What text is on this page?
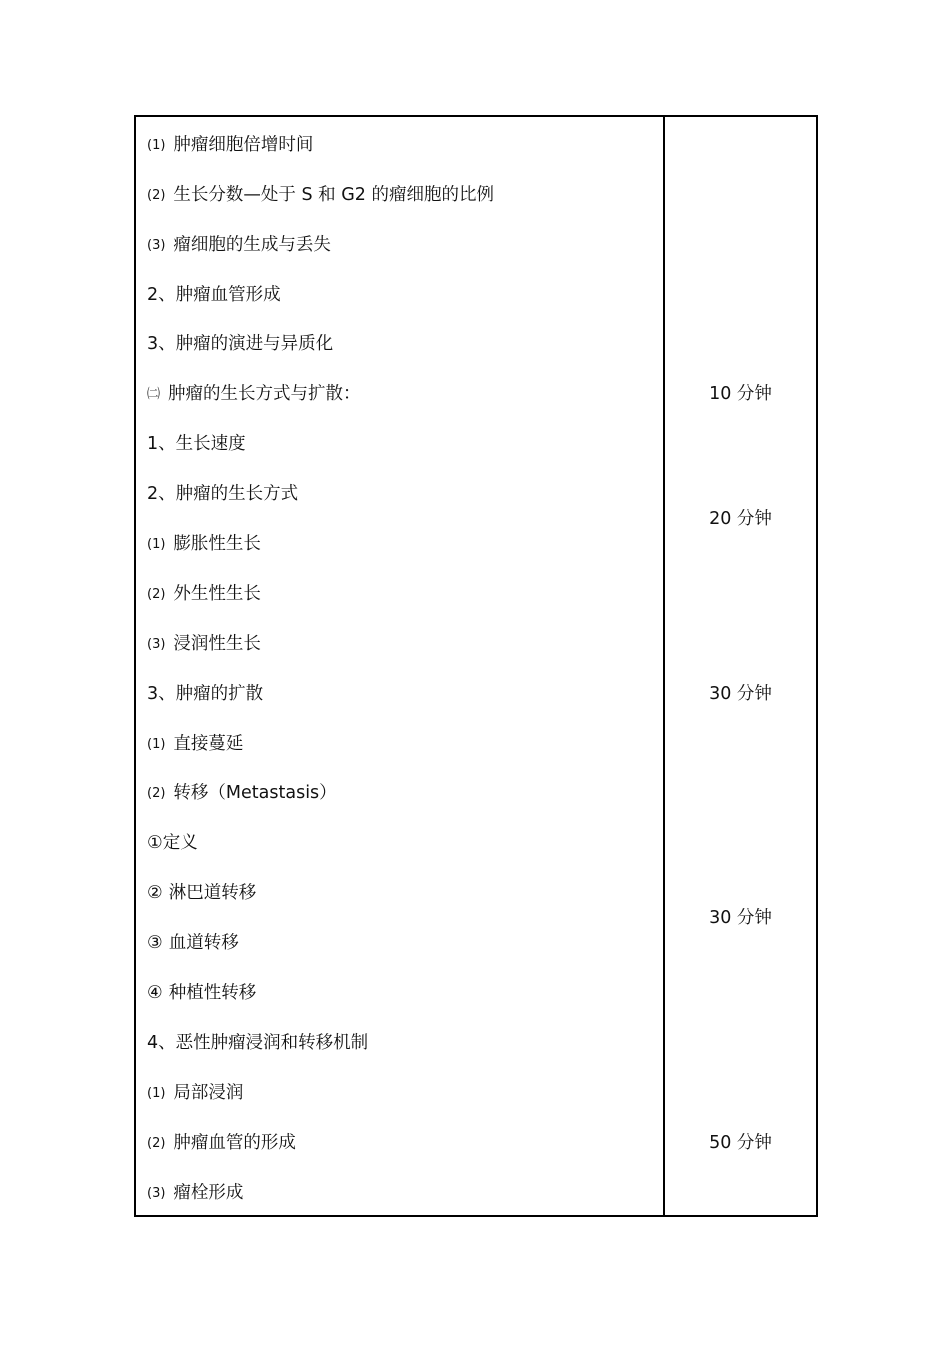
(1) 肿瘤细胞倍增时间
(2) 生长分数—处于 S 和 G2 的瘤细胞的比例
(3) 瘤细胞的生成与丢失
2、肿瘤血管形成
3、肿瘤的演进与异质化
㈡ 肿瘤的生长方式与扩散：
1、生长速度
2、肿瘤的生长方式
(1) 膨胀性生长
(2) 外生性生长
(3) 浸润性生长
3、肿瘤的扩散
(1) 直接蔓延
(2) 转移（Metastasis）
①定义
② 淋巴道转移
③ 血道转移
④ 种植性转移
4、恶性肿瘤浸润和转移机制
(1) 局部浸润
(2) 肿瘤血管的形成
(3) 瘤栓形成
10 分钟
20 分钟
30 分钟
30 分钟
50 分钟
